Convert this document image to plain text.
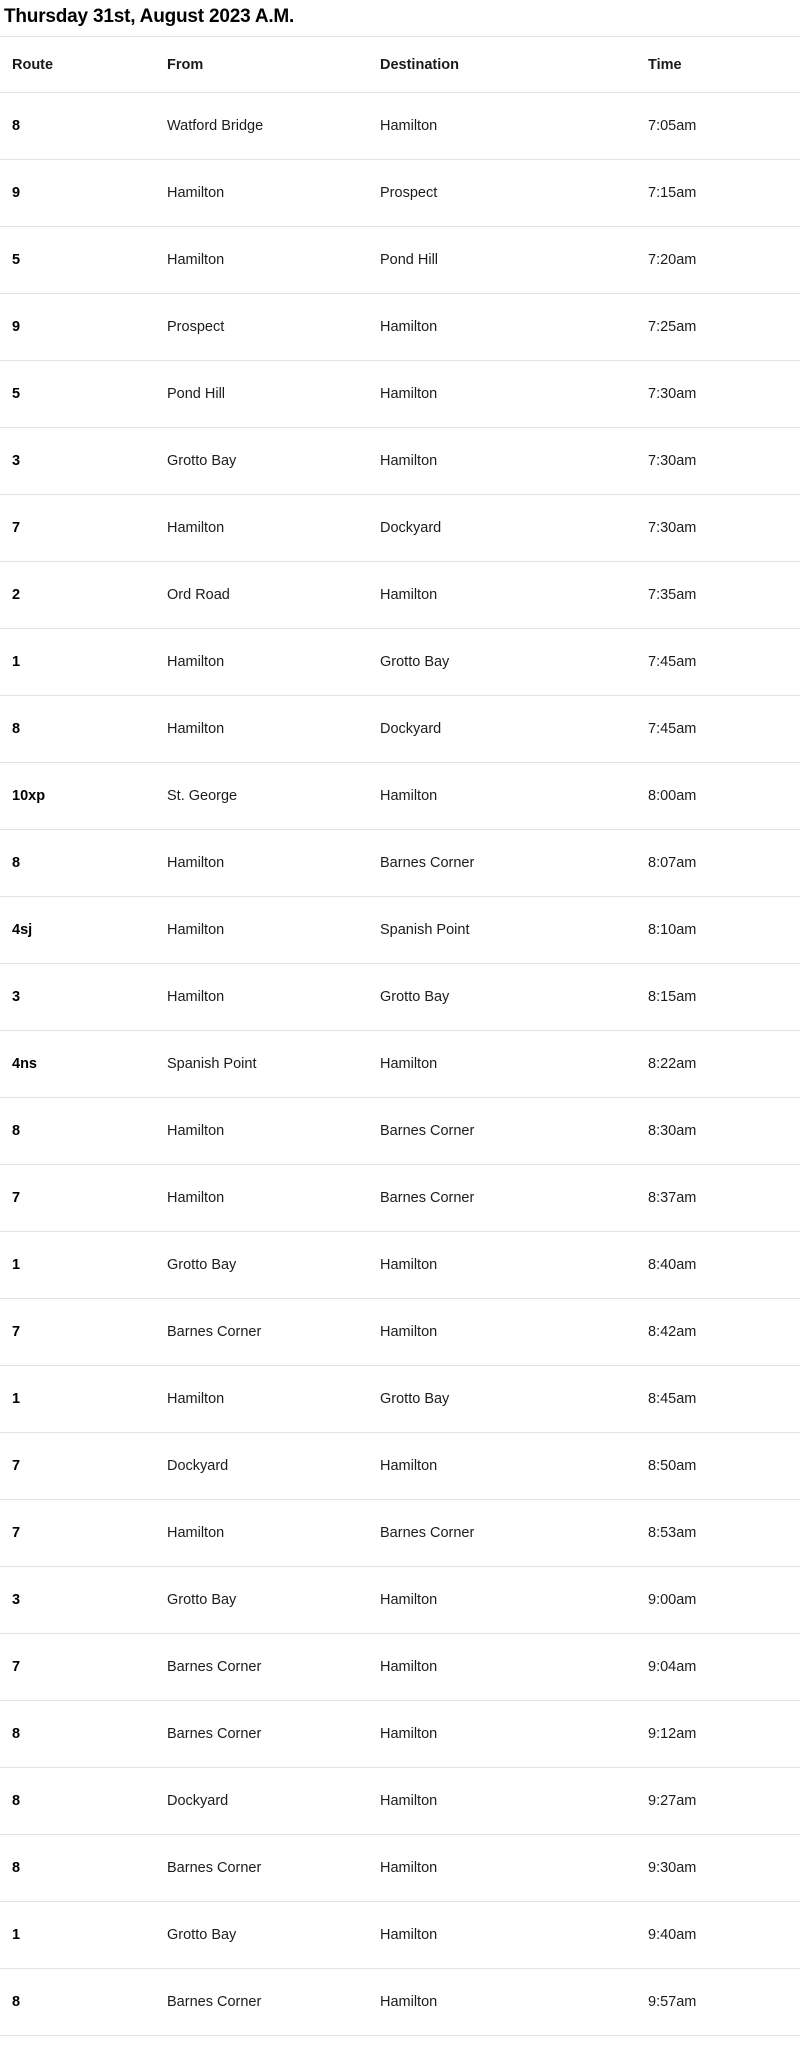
Thursday 31st, August 2023 A.M.
Route	From	Destination	Time
8	Watford Bridge	Hamilton	7:05am
9	Hamilton	Prospect	7:15am
5	Hamilton	Pond Hill	7:20am
9	Prospect	Hamilton	7:25am
5	Pond Hill	Hamilton	7:30am
3	Grotto Bay	Hamilton	7:30am
7	Hamilton	Dockyard	7:30am
2	Ord Road	Hamilton	7:35am
1	Hamilton	Grotto Bay	7:45am
8	Hamilton	Dockyard	7:45am
10xp	St. George	Hamilton	8:00am
8	Hamilton	Barnes Corner	8:07am
4sj	Hamilton	Spanish Point	8:10am
3	Hamilton	Grotto Bay	8:15am
4ns	Spanish Point	Hamilton	8:22am
8	Hamilton	Barnes Corner	8:30am
7	Hamilton	Barnes Corner	8:37am
1	Grotto Bay	Hamilton	8:40am
7	Barnes Corner	Hamilton	8:42am
1	Hamilton	Grotto Bay	8:45am
7	Dockyard	Hamilton	8:50am
7	Hamilton	Barnes Corner	8:53am
3	Grotto Bay	Hamilton	9:00am
7	Barnes Corner	Hamilton	9:04am
8	Barnes Corner	Hamilton	9:12am
8	Dockyard	Hamilton	9:27am
8	Barnes Corner	Hamilton	9:30am
1	Grotto Bay	Hamilton	9:40am
8	Barnes Corner	Hamilton	9:57am
